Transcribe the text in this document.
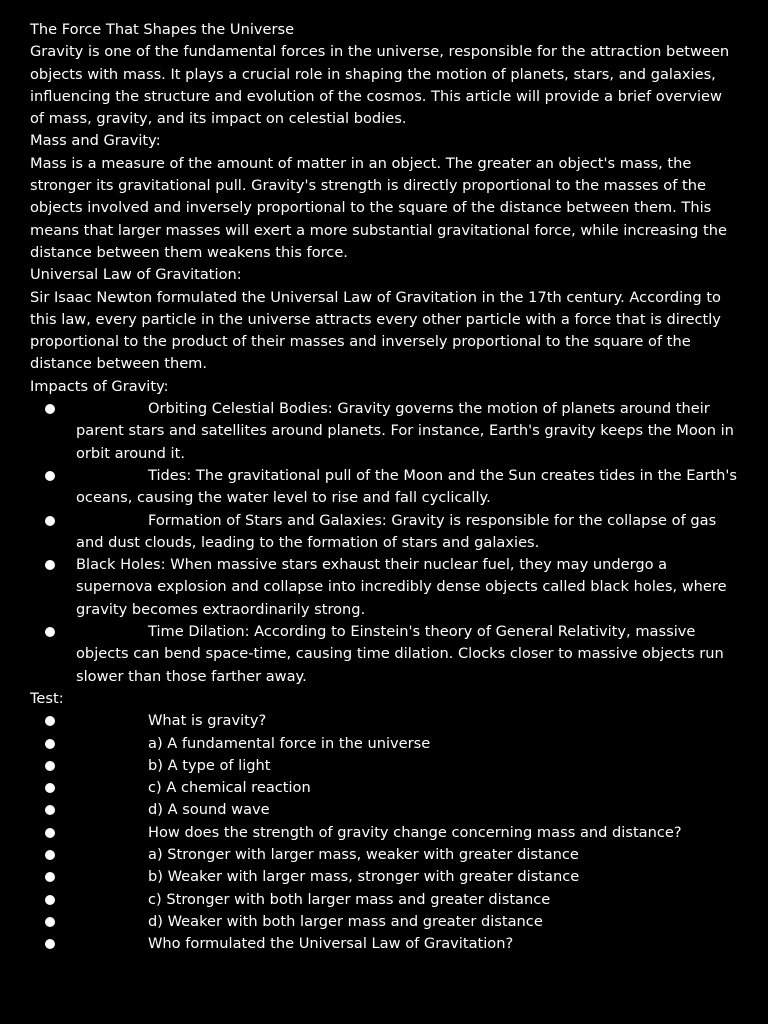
The Force That Shapes the Universe

Gravity is one of the fundamental forces in the universe, responsible for the attraction between objects with mass. It plays a crucial role in shaping the motion of planets, stars, and galaxies, influencing the structure and evolution of the cosmos. This article will provide a brief overview of mass, gravity, and its impact on celestial bodies.

Mass and Gravity:

Mass is a measure of the amount of matter in an object. The greater an object's mass, the stronger its gravitational pull. Gravity's strength is directly proportional to the masses of the objects involved and inversely proportional to the square of the distance between them. This means that larger masses will exert a more substantial gravitational force, while increasing the distance between them weakens this force.

Universal Law of Gravitation:

Sir Isaac Newton formulated the Universal Law of Gravitation in the 17th century. According to this law, every particle in the universe attracts every other particle with a force that is directly proportional to the product of their masses and inversely proportional to the square of the distance between them.

Impacts of Gravity:
Orbiting Celestial Bodies: Gravity governs the motion of planets around their parent stars and satellites around planets. For instance, Earth's gravity keeps the Moon in orbit around it.
Tides: The gravitational pull of the Moon and the Sun creates tides in the Earth's oceans, causing the water level to rise and fall cyclically.
Formation of Stars and Galaxies: Gravity is responsible for the collapse of gas and dust clouds, leading to the formation of stars and galaxies.
Black Holes: When massive stars exhaust their nuclear fuel, they may undergo a supernova explosion and collapse into incredibly dense objects called black holes, where gravity becomes extraordinarily strong.
Time Dilation: According to Einstein's theory of General Relativity, massive objects can bend space-time, causing time dilation. Clocks closer to massive objects run slower than those farther away.
Test:
What is gravity?
a) A fundamental force in the universe
b) A type of light
c) A chemical reaction
d) A sound wave
How does the strength of gravity change concerning mass and distance?
a) Stronger with larger mass, weaker with greater distance
b) Weaker with larger mass, stronger with greater distance
c) Stronger with both larger mass and greater distance
d) Weaker with both larger mass and greater distance
Who formulated the Universal Law of Gravitation?
